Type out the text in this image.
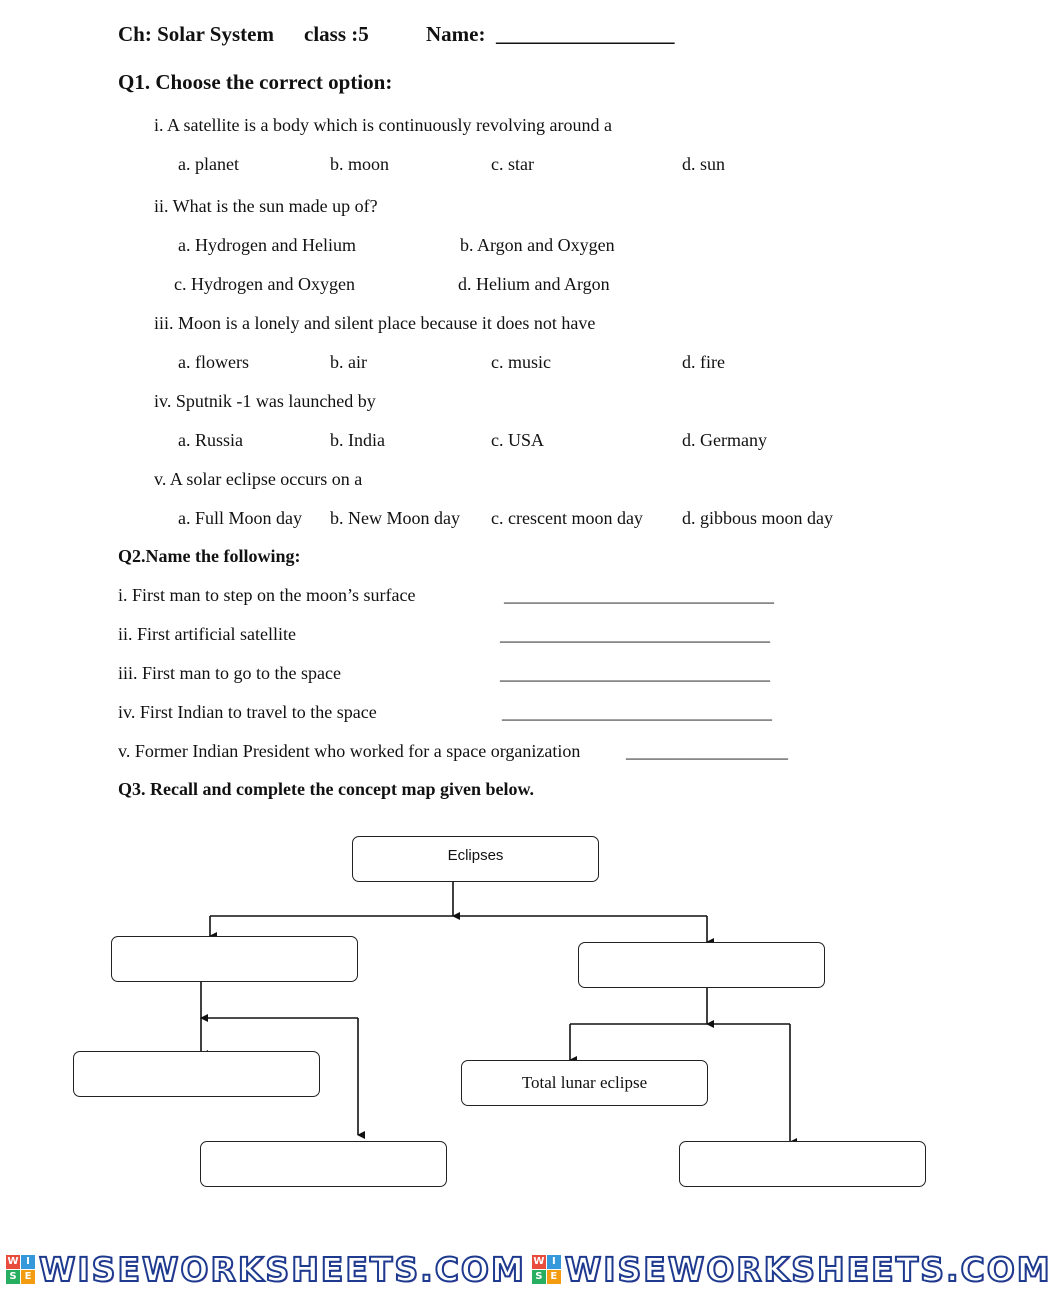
Ch: Solar System class :5	Name: _________________
Q1. Choose the correct option:
i. A satellite is a body which is continuously revolving around a
a. planet	b. moon	c. star	d. sun
ii. What is the sun made up of?
a. Hydrogen and Helium	b. Argon and Oxygen
c. Hydrogen and Oxygen	d. Helium and Argon
iii. Moon is a lonely and silent place because it does not have
a. flowers	b. air	c. music	d. fire
iv. Sputnik -1 was launched by
a. Russia	b. India	c. USA	d. Germany
v. A solar eclipse occurs on a
a. Full Moon day b. New Moon day c. crescent moon day d. gibbous moon day
Q2.Name the following:
i. First man to step on the moon’s surface	______________________________
ii. First artificial satellite	______________________________
iii. First man to go to the space	______________________________
iv. First Indian to travel to the space	______________________________
v. Former Indian President who worked for a space organization	__________________
Q3. Recall and complete the concept map given below.
Eclipses
Total lunar eclipse
W I
S E WISEWORKSHEETS.COM W I
S E WISEWORKSHEETS.COM
